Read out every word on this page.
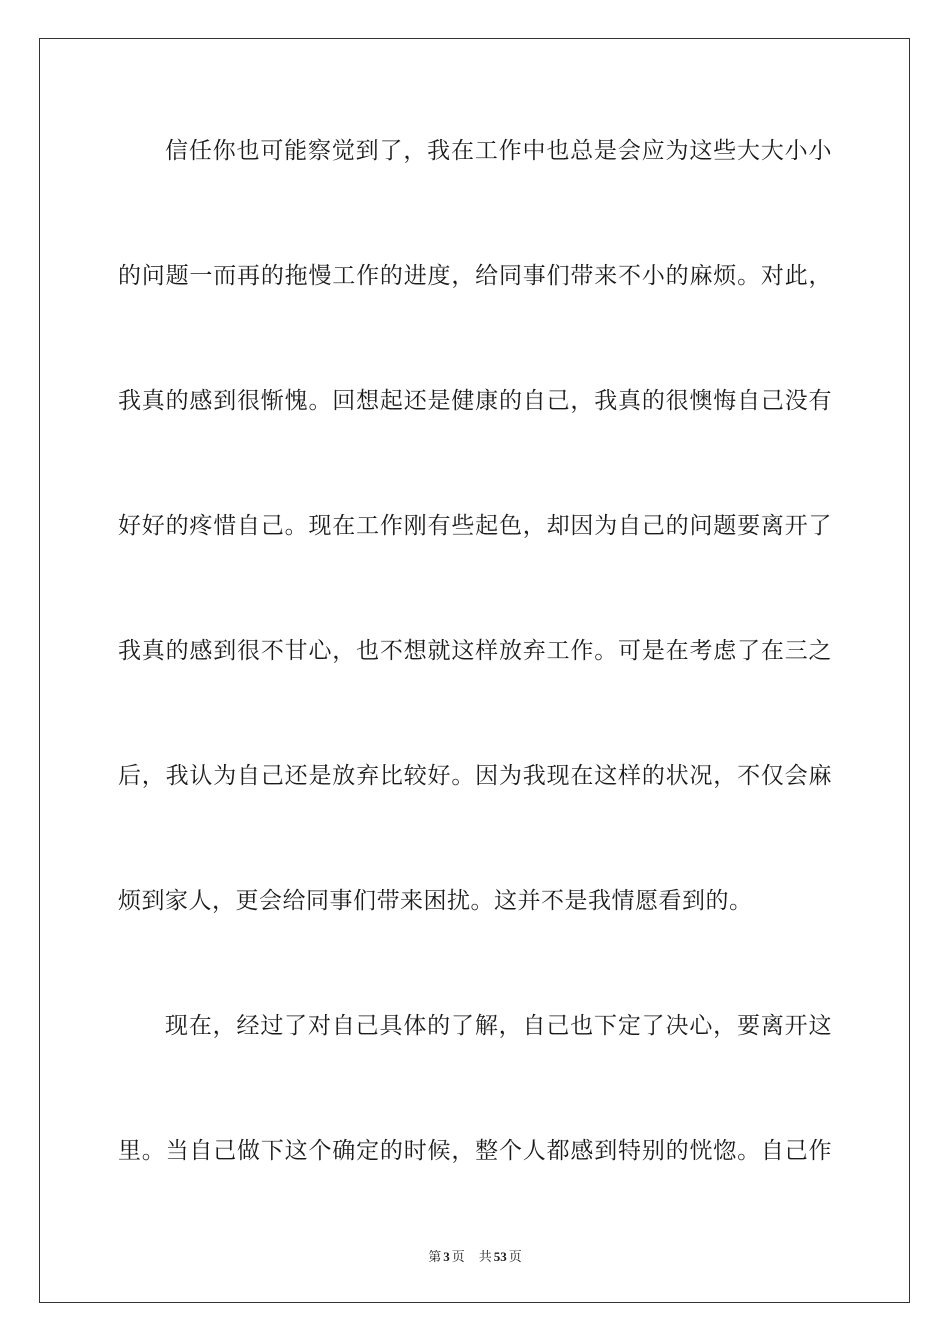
信任你也可能察觉到了，我在工作中也总是会应为这些大大小小
的问题一而再的拖慢工作的进度，给同事们带来不小的麻烦。对此，
我真的感到很惭愧。回想起还是健康的自己，我真的很懊悔自己没有
好好的疼惜自己。现在工作刚有些起色，却因为自己的问题要离开了
我真的感到很不甘心，也不想就这样放弃工作。可是在考虑了在三之
后，我认为自己还是放弃比较好。因为我现在这样的状况，不仅会麻
烦到家人，更会给同事们带来困扰。这并不是我情愿看到的。
现在，经过了对自己具体的了解，自己也下定了决心，要离开这
里。当自己做下这个确定的时候，整个人都感到特别的恍惚。自己作
第 3 页 共 53 页
